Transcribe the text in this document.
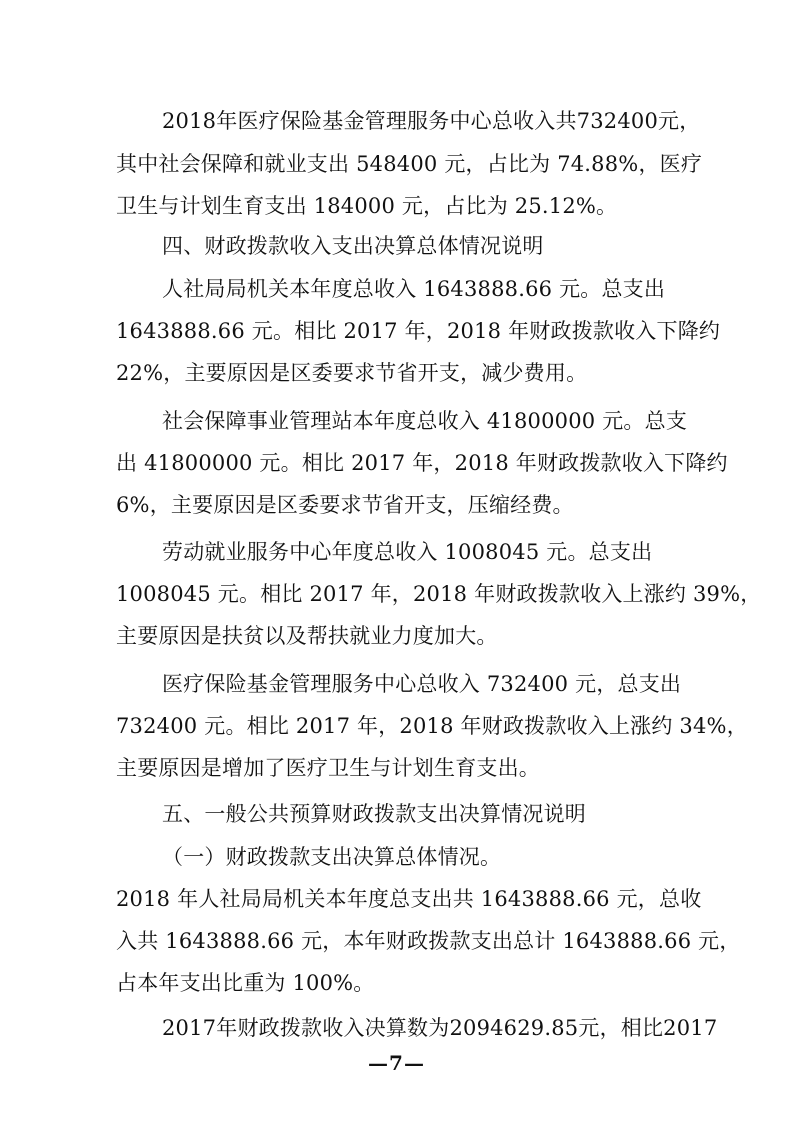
2018年医疗保险基金管理服务中心总收入共732400元，
其中社会保障和就业支出 548400 元，占比为 74.88%，医疗
卫生与计划生育支出 184000 元，占比为 25.12%。
四、财政拨款收入支出决算总体情况说明
人社局局机关本年度总收入 1643888.66 元。总支出
1643888.66 元。相比 2017 年，2018 年财政拨款收入下降约
22%，主要原因是区委要求节省开支，减少费用。
社会保障事业管理站本年度总收入 41800000 元。总支
出 41800000 元。相比 2017 年，2018 年财政拨款收入下降约
6%，主要原因是区委要求节省开支，压缩经费。
劳动就业服务中心年度总收入 1008045 元。总支出
1008045 元。相比 2017 年，2018 年财政拨款收入上涨约 39%，
主要原因是扶贫以及帮扶就业力度加大。
医疗保险基金管理服务中心总收入 732400 元，总支出
732400 元。相比 2017 年，2018 年财政拨款收入上涨约 34%，
主要原因是增加了医疗卫生与计划生育支出。
五、一般公共预算财政拨款支出决算情况说明
（一）财政拨款支出决算总体情况。
2018 年人社局局机关本年度总支出共 1643888.66 元，总收
入共 1643888.66 元，本年财政拨款支出总计 1643888.66 元，
占本年支出比重为 100%。
2017年财政拨款收入决算数为2094629.85元，相比2017
—7—
